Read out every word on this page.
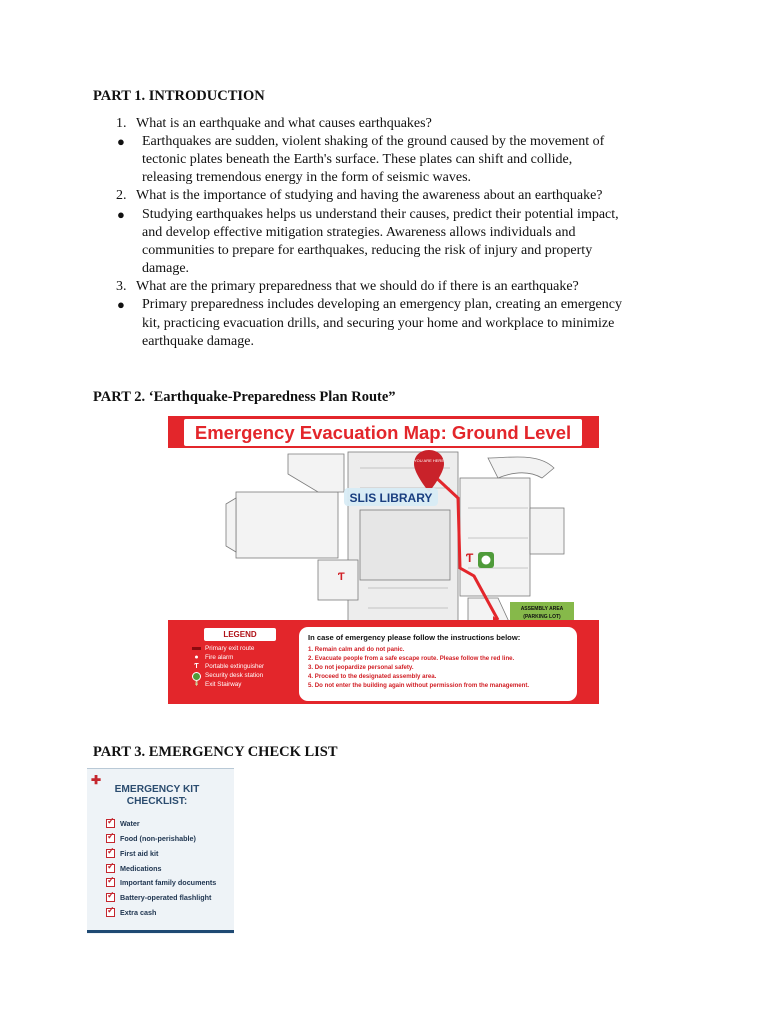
PART 1. INTRODUCTION
1. What is an earthquake and what causes earthquakes?
● Earthquakes are sudden, violent shaking of the ground caused by the movement of
tectonic plates beneath the Earth's surface. These plates can shift and collide,
releasing tremendous energy in the form of seismic waves.
2. What is the importance of studying and having the awareness about an earthquake?
● Studying earthquakes helps us understand their causes, predict their potential impact,
and develop effective mitigation strategies. Awareness allows individuals and
communities to prepare for earthquakes, reducing the risk of injury and property
damage.
3. What are the primary preparedness that we should do if there is an earthquake?
● Primary preparedness includes developing an emergency plan, creating an emergency
kit, practicing evacuation drills, and securing your home and workplace to minimize
earthquake damage.
PART 2. ‘Earthquake-Preparedness Plan Route”
Emergency Evacuation Map: Ground Level
YOU ARE HERE
SLIS LIBRARY
Ƭ
Ƭ
ASSEMBLY AREA
(PARKING LOT)
LEGEND
Primary exit route
●	Fire alarm
Ƭ	Portable extinguisher
Security desk station
⇞ Exit Stairway
In case of emergency please follow the instructions below:
1. Remain calm and do not panic.
2. Evacuate people from a safe escape route. Please follow the red line.
3. Do not jeopardize personal safety.
4. Proceed to the designated assembly area.
5. Do not enter the building again without permission from the management.
PART 3. EMERGENCY CHECK LIST
✚
EMERGENCY KIT
CHECKLIST:
✓
Water
✓
Food (non-perishable)
✓
First aid kit
✓
Medications
✓
Important family documents
✓
Battery-operated flashlight
✓
Extra cash
